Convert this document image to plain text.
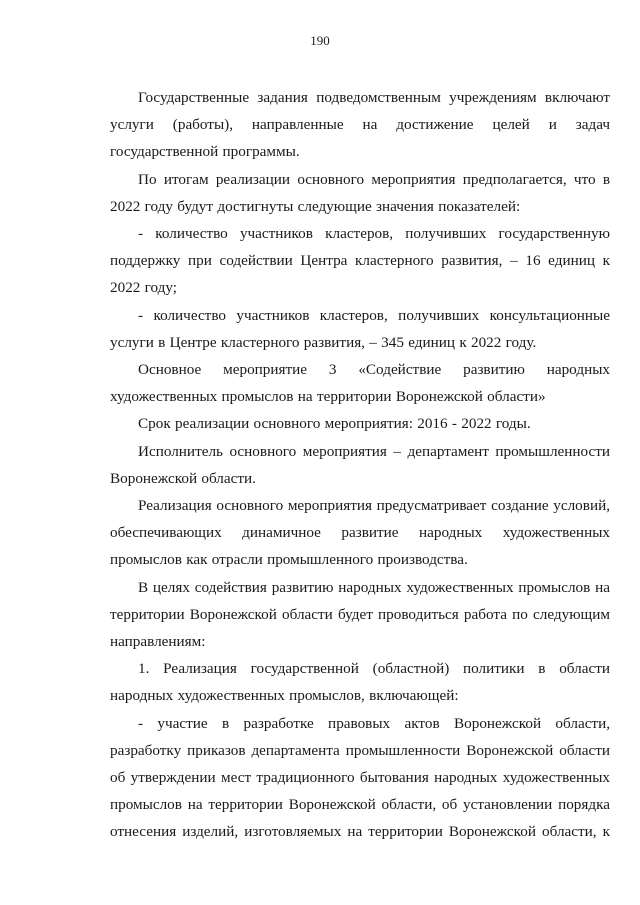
190

Государственные задания подведомственным учреждениям включают услуги (работы), направленные на достижение целей и задач государственной программы.

По итогам реализации основного мероприятия предполагается, что в 2022 году будут достигнуты следующие значения показателей:

- количество участников кластеров, получивших государственную поддержку при содействии Центра кластерного развития, – 16 единиц к 2022 году;

- количество участников кластеров, получивших консультационные услуги в Центре кластерного развития, – 345 единиц к 2022 году.

Основное мероприятие 3 «Содействие развитию народных художественных промыслов на территории Воронежской области»

Срок реализации основного мероприятия: 2016 - 2022 годы.

Исполнитель основного мероприятия – департамент промышленности Воронежской области.

Реализация основного мероприятия предусматривает создание условий, обеспечивающих динамичное развитие народных художественных промыслов как отрасли промышленного производства.

В целях содействия развитию народных художественных промыслов на территории Воронежской области будет проводиться работа по следующим направлениям:

1. Реализация государственной (областной) политики в области народных художественных промыслов, включающей:

- участие в разработке правовых актов Воронежской области, разработку приказов департамента промышленности Воронежской области об утверждении мест традиционного бытования народных художественных промыслов на территории Воронежской области, об установлении порядка отнесения изделий, изготовляемых на территории Воронежской области, к
